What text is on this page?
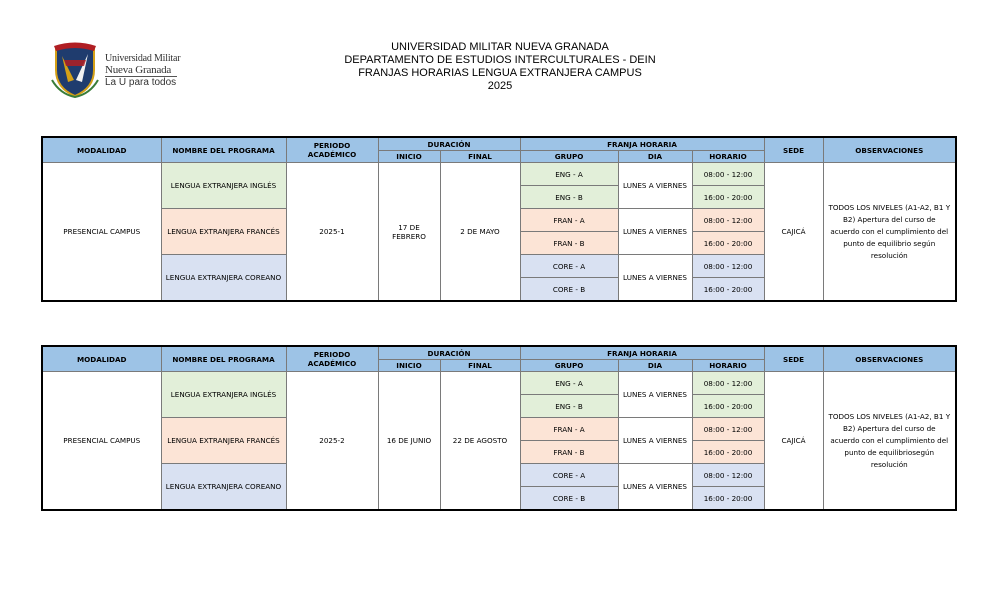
Universidad Militar
Nueva Granada
La U para todos
UNIVERSIDAD MILITAR NUEVA GRANADA
DEPARTAMENTO DE ESTUDIOS INTERCULTURALES - DEIN
FRANJAS HORARIAS LENGUA EXTRANJERA CAMPUS
2025
MODALIDAD	NOMBRE DEL PROGRAMA	PERIODO ACADÉMICO	DURACIÓN		FRANJA HORARIA			SEDE	OBSERVACIONES
			INICIO	FINAL	GRUPO	DIA	HORARIO		
PRESENCIAL CAMPUS	LENGUA EXTRANJERA INGLÉS	2025-1	17 DE FEBRERO	2 DE MAYO	ENG - A	LUNES A VIERNES	08:00 - 12:00	CAJICÁ	TODOS LOS NIVELES (A1-A2, B1 Y B2) Apertura del curso de acuerdo con el cumplimiento del punto de equilibrio según resolución
					ENG - B		16:00 - 20:00		
	LENGUA EXTRANJERA FRANCÉS				FRAN - A	LUNES A VIERNES	08:00 - 12:00		
					FRAN - B		16:00 - 20:00		
	LENGUA EXTRANJERA COREANO				CORE - A	LUNES A VIERNES	08:00 - 12:00		
					CORE - B		16:00 - 20:00		
MODALIDAD	NOMBRE DEL PROGRAMA	PERIODO ACADÉMICO	DURACIÓN		FRANJA HORARIA			SEDE	OBSERVACIONES
			INICIO	FINAL	GRUPO	DIA	HORARIO		
PRESENCIAL CAMPUS	LENGUA EXTRANJERA INGLÉS	2025-2	16 DE JUNIO	22 DE AGOSTO	ENG - A	LUNES A VIERNES	08:00 - 12:00	CAJICÁ	TODOS LOS NIVELES (A1-A2, B1 Y B2) Apertura del curso de acuerdo con el cumplimiento del punto de equilibriosegún resolución
					ENG - B		16:00 - 20:00		
	LENGUA EXTRANJERA FRANCÉS				FRAN - A	LUNES A VIERNES	08:00 - 12:00		
					FRAN - B		16:00 - 20:00		
	LENGUA EXTRANJERA COREANO				CORE - A	LUNES A VIERNES	08:00 - 12:00		
					CORE - B		16:00 - 20:00		
